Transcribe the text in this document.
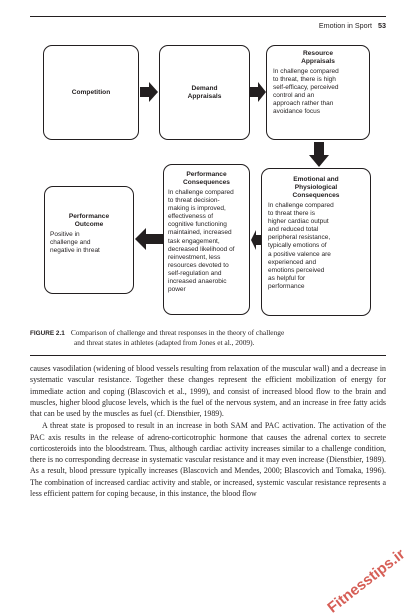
Emotion in Sport 53
Competition
Demand
Appraisals
Resource
Appraisals
In challenge compared
to threat, there is high
self-efficacy, perceived
control and an
approach rather than
avoidance focus
Emotional and
Physiological
Consequences
In challenge compared
to threat there is
higher cardiac output
and reduced total
peripheral resistance,
typically emotions of
a positive valence are
experienced and
emotions perceived
as helpful for
performance
Performance
Consequences
In challenge compared
to threat decision-
making is improved,
effectiveness of
cognitive functioning
maintained, increased
task engagement,
decreased likelihood of
reinvestment, less
resources devoted to
self-regulation and
increased anaerobic
power
Performance
Outcome
Positive in
challenge and
negative in threat
FIGURE 2.1 Comparison of challenge and threat responses in the theory of challenge
and threat states in athletes (adapted from Jones et al., 2009).

causes vasodilation (widening of blood vessels resulting from relaxation of the muscular wall) and a decrease in systematic vascular resistance. Together these changes represent the efficient mobilization of energy for immediate action and coping (Blascovich et al., 1999), and consist of increased blood flow to the brain and muscles, higher blood glucose levels, which is the fuel of the nervous system, and an increase in free fatty acids that can be used by the muscles as fuel (cf. Dienstbier, 1989).

A threat state is proposed to result in an increase in both SAM and PAC activation. The activation of the PAC axis results in the release of adreno-corticotrophic hormone that causes the adrenal cortex to secrete corticosteroids into the bloodstream. Thus, although cardiac activity increases similar to a challenge condition, there is no corresponding decrease in systematic vascular resistance and it may even increase (Dienstbier, 1989). As a result, blood pressure typically increases (Blascovich and Mendes, 2000; Blascovich and Tomaka, 1996). The combination of increased cardiac activity and stable, or increased, systemic vascular resistance represents a less efficient pattern for coping because, in this instance, the blood flow

Fitnesstips.ir
